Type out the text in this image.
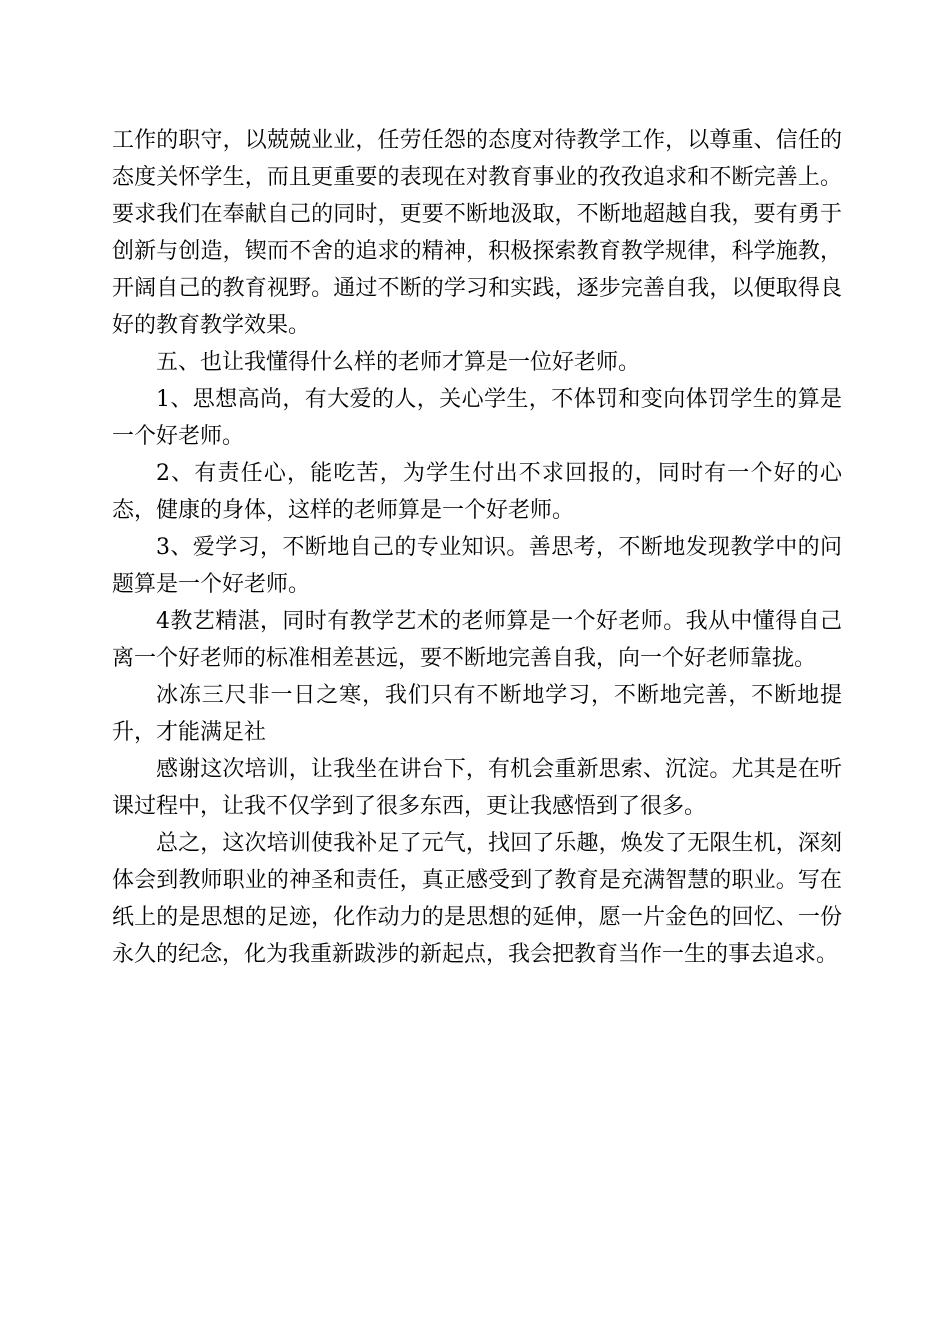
工作的职守，以兢兢业业，任劳任怨的态度对待教学工作，以尊重、信任的态度关怀学生，而且更重要的表现在对教育事业的孜孜追求和不断完善上。要求我们在奉献自己的同时，更要不断地汲取，不断地超越自我，要有勇于创新与创造，锲而不舍的追求的精神，积极探索教育教学规律，科学施教，开阔自己的教育视野。通过不断的学习和实践，逐步完善自我，以便取得良好的教育教学效果。

五、也让我懂得什么样的老师才算是一位好老师。

1、思想高尚，有大爱的人，关心学生，不体罚和变向体罚学生的算是一个好老师。

2、有责任心，能吃苦，为学生付出不求回报的，同时有一个好的心态，健康的身体，这样的老师算是一个好老师。

3、爱学习，不断地自己的专业知识。善思考，不断地发现教学中的问题算是一个好老师。

4教艺精湛，同时有教学艺术的老师算是一个好老师。我从中懂得自己离一个好老师的标准相差甚远，要不断地完善自我，向一个好老师靠拢。

冰冻三尺非一日之寒，我们只有不断地学习，不断地完善，不断地提升，才能满足社

感谢这次培训，让我坐在讲台下，有机会重新思索、沉淀。尤其是在听课过程中，让我不仅学到了很多东西，更让我感悟到了很多。

总之，这次培训使我补足了元气，找回了乐趣，焕发了无限生机，深刻体会到教师职业的神圣和责任，真正感受到了教育是充满智慧的职业。写在纸上的是思想的足迹，化作动力的是思想的延伸，愿一片金色的回忆、一份永久的纪念，化为我重新跋涉的新起点，我会把教育当作一生的事去追求。
